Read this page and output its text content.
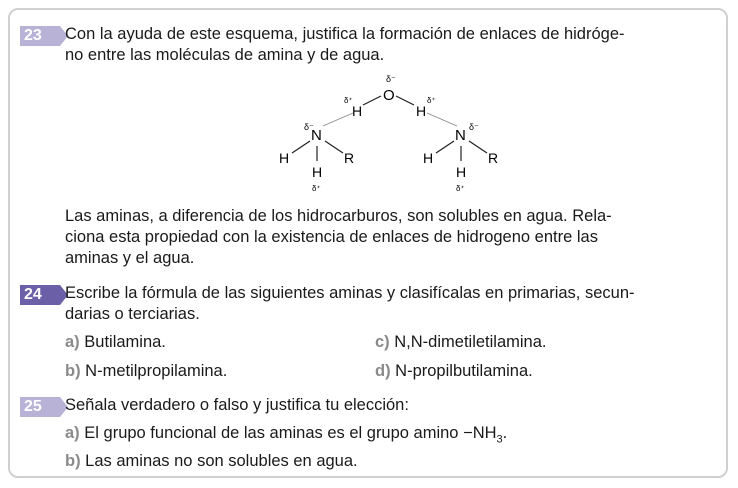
23	Con la ayuda de este esquema, justifica la formación de enlaces de hidróge-
no entre las moléculas de amina y de agua.
δ⁻
O
δ⁺
H
δ⁺
H
δ⁻
N
H	R
H
δ⁺
δ⁻
N
H	R
H
δ⁺
Las aminas, a diferencia de los hidrocarburos, son solubles en agua. Rela-
ciona esta propiedad con la existencia de enlaces de hidrogeno entre las
aminas y el agua.
24	Escribe la fórmula de las siguientes aminas y clasifícalas en primarias, secun-
darias o terciarias.
a) Butilamina.
b) N-metilpropilamina.
c) N,N-dimetiletilamina.
d) N-propilbutilamina.
25	Señala verdadero o falso y justifica tu elección:
a) El grupo funcional de las aminas es el grupo $amino -NH_3$.
b) Las aminas no son solubles en agua.
